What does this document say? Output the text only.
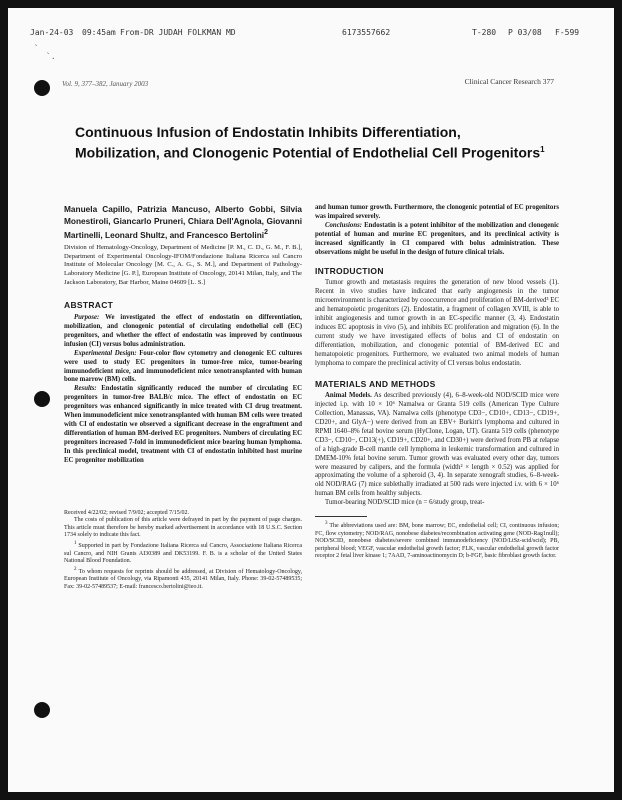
Jan-24-03 09:45am From-DR JUDAH FOLKMAN MD	6173557662	T-280 P 03/08 F-599
`
`.
Vol. 9, 377–382, January 2003	Clinical Cancer Research 377
Continuous Infusion of Endostatin Inhibits Differentiation, Mobilization, and Clonogenic Potential of Endothelial Cell Progenitors$^1$
Manuela Capillo, Patrizia Mancuso, Alberto Gobbi, Silvia Monestiroli, Giancarlo Pruneri, Chiara Dell'Agnola, Giovanni Martinelli, Leonard Shultz, and Francesco Bertolini$^2$
Division of Hematology-Oncology, Department of Medicine [P. M., C. D., G. M., F. B.], Department of Experimental Oncology-IFOM/Fondazione Italiana Ricerca sul Cancro Institute of Molecular Oncology [M. C., A. G., S. M.], and Department of Pathology-Laboratory Medicine [G. P.], European Institute of Oncology, 20141 Milan, Italy, and The Jackson Laboratory, Bar Harbor, Maine 04609 [L. S.]

ABSTRACT

Purpose: We investigated the effect of endostatin on differentiation, mobilization, and clonogenic potential of circulating endothelial cell (EC) progenitors, and whether the effect of endostatin was improved by continuous infusion (CI) versus bolus administration.

Experimental Design: Four-color flow cytometry and clonogenic EC cultures were used to study EC progenitors in tumor-free mice, tumor-bearing immunodeficient mice, and immunodeficient mice xenotransplanted with human bone marrow (BM) cells.

Results: Endostatin significantly reduced the number of circulating EC progenitors in tumor-free BALB/c mice. The effect of endostatin on EC progenitors was enhanced significantly in mice treated with CI drug treatment. When immunodeficient mice xenotransplanted with human BM cells were treated with CI of endostatin we observed a significant decrease in the engraftment and differentiation of human BM-derived EC progenitors. Numbers of circulating EC progenitors increased 7-fold in immunodeficient mice bearing human lymphoma. In this preclinical model, treatment with CI of endostatin inhibited host murine EC progenitor mobilization

Received 4/22/02; revised 7/9/02; accepted 7/15/02.

The costs of publication of this article were defrayed in part by the payment of page charges. This article must therefore be hereby marked advertisement in accordance with 18 U.S.C. Section 1734 solely to indicate this fact.

$^1$ Supported in part by Fondazione Italiana Ricerca sul Cancro, Associazione Italiana Ricerca sul Cancro, and NIH Grants AI30389 and DK53199. F. B. is a scholar of the United States National Blood Foundation.

$^2$ To whom requests for reprints should be addressed, at Division of Hematology-Oncology, European Institute of Oncology, via Ripamonti 435, 20141 Milan, Italy. Phone: 39-02-57489535; Fax: 39-02-57489537; E-mail: francesco.bertolini@ieo.it.

and human tumor growth. Furthermore, the clonogenic potential of EC progenitors was impaired severely.

Conclusions: Endostatin is a potent inhibitor of the mobilization and clonogenic potential of human and murine EC progenitors, and its preclinical activity is increased significantly in CI compared with bolus administration. These observations might be useful in the design of future clinical trials.

INTRODUCTION

Tumor growth and metastasis requires the generation of new blood vessels (1). Recent in vivo studies have indicated that early angiogenesis in the tumor microenvironment is characterized by cooccurrence and proliferation of BM-derived³ EC and hematopoietic progenitors (2). Endostatin, a fragment of collagen XVIII, is able to inhibit angiogenesis and tumor growth in an EC-specific manner (3, 4). Endostatin induces EC apoptosis in vivo (5), and inhibits EC proliferation and migration (6). In the current study we have investigated effects of bolus and CI of endostatin on differentiation, mobilization, and clonogenic potential of BM-derived EC and hematopoietic progenitors. Furthermore, we evaluated two animal models of human lymphoma to compare the preclinical activity of CI versus bolus endostatin.

MATERIALS AND METHODS

Animal Models. As described previously (4), 6–8-week-old NOD/SCID mice were injected i.p. with 10 × 10⁶ Namalwa or Granta 519 cells (American Type Culture Collection, Manassas, VA). Namalwa cells (phenotype CD3−, CD10+, CD13−, CD19+, CD20+, and GlyA−) were derived from an EBV+ Burkitt's lymphoma and cultured in RPMI 1640–8% fetal bovine serum (HyClone, Logan, UT). Granta 519 cells (phenotype CD3−, CD10−, CD13(+), CD19+, CD20+, and CD30+) were derived from PB at relapse of a high-grade B-cell mantle cell lymphoma in leukemic transformation and cultured in DMEM-10% fetal bovine serum. Tumor growth was evaluated every other day, tumors were measured by calipers, and the formula (width² × length × 0.52) was applied for approximating the volume of a spheroid (3, 4). In separate xenograft studies, 6–8-week-old NOD/RAG (7) mice sublethally irradiated at 500 rads were injected i.v. with 6 × 10⁶ human BM cells from healthy subjects.

Tumor-bearing NOD/SCID mice (n = 6/study group, treat-

$^3$ The abbreviations used are: BM, bone marrow; EC, endothelial cell; CI, continuous infusion; FC, flow cytometry; NOD/RAG, nonobese diabetes/recombination activating gene (NOD-Rag1null); NOD/SCID, nonobese diabetes/severe combined immunodeficiency (NOD/LtSz-scid/scid); PB, peripheral blood; VEGF, vascular endothelial growth factor; FLK, vascular endothelial growth factor receptor 2 fetal liver kinase 1; 7AAD, 7-aminoactinomycin D; b-FGF, basic fibroblast growth factor.
